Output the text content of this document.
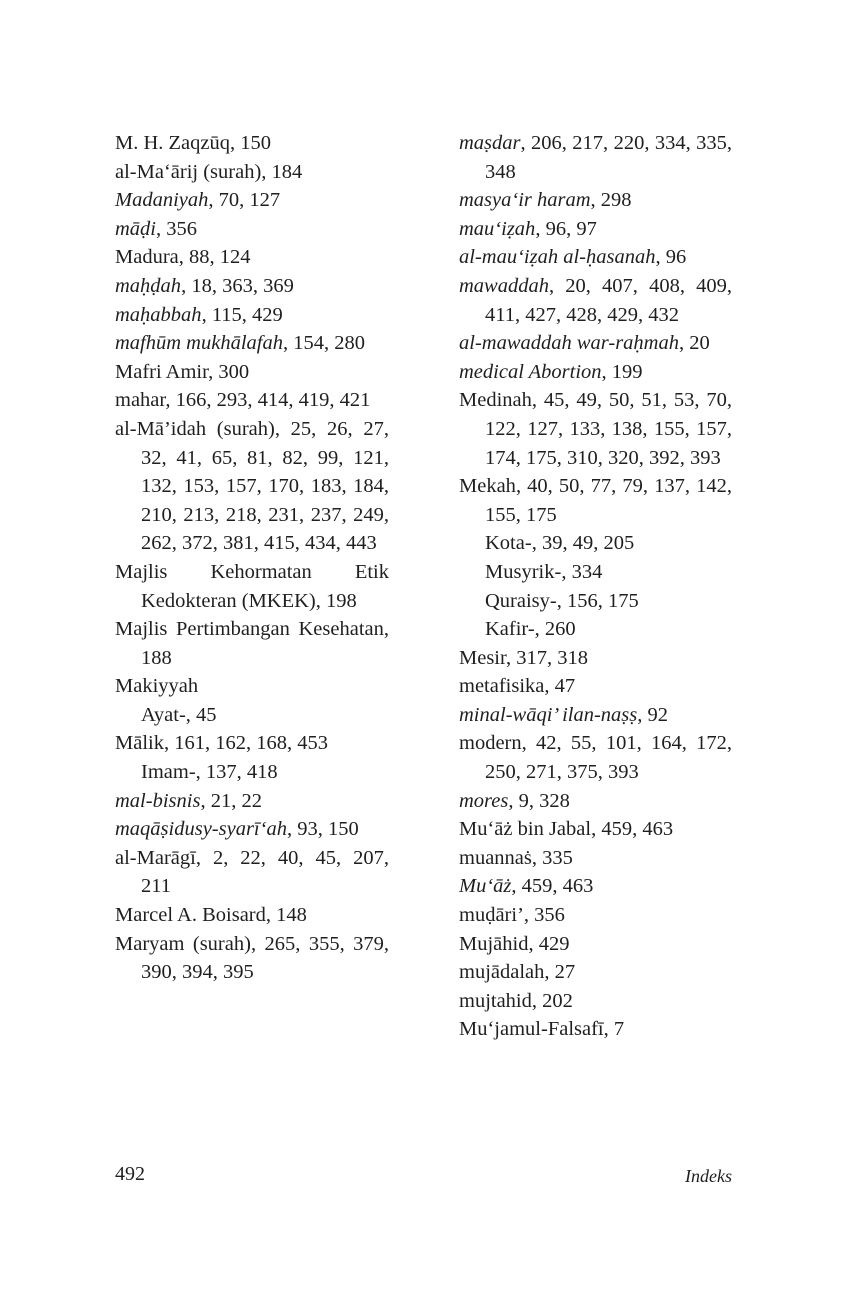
M. H. Zaqzūq, 150

al-Ma‘ārij (surah), 184

Madaniyah, 70, 127

māḍi, 356

Madura, 88, 124

maḥḍah, 18, 363, 369

maḥabbah, 115, 429

mafhūm mukhālafah, 154, 280

Mafri Amir, 300

mahar, 166, 293, 414, 419, 421

al-Mā’idah (surah), 25, 26, 27, 32, 41, 65, 81, 82, 99, 121, 132, 153, 157, 170, 183, 184, 210, 213, 218, 231, 237, 249, 262, 372, 381, 415, 434, 443

Majlis Kehormatan Etik Kedokteran (MKEK), 198

Majlis Pertimbangan Kesehatan, 188

Makiyyah

Ayat-, 45

Mālik, 161, 162, 168, 453

Imam-, 137, 418

mal-bisnis, 21, 22

maqāṣidusy-syarī‘ah, 93, 150

al-Marāgī, 2, 22, 40, 45, 207, 211

Marcel A. Boisard, 148

Maryam (surah), 265, 355, 379, 390, 394, 395

maṣdar, 206, 217, 220, 334, 335, 348

masya‘ir haram, 298

mau‘iẓah, 96, 97

al-mau‘iẓah al-ḥasanah, 96

mawaddah, 20, 407, 408, 409, 411, 427, 428, 429, 432

al-mawaddah war-raḥmah, 20

medical Abortion, 199

Medinah, 45, 49, 50, 51, 53, 70, 122, 127, 133, 138, 155, 157, 174, 175, 310, 320, 392, 393

Mekah, 40, 50, 77, 79, 137, 142, 155, 175

Kota-, 39, 49, 205

Musyrik-, 334

Quraisy-, 156, 175

Kafir-, 260

Mesir, 317, 318

metafisika, 47

minal-wāqi’ ilan-naṣṣ, 92

modern, 42, 55, 101, 164, 172, 250, 271, 375, 393

mores, 9, 328

Mu‘āż bin Jabal, 459, 463

muannaṡ, 335

Mu‘āż, 459, 463

muḍāri’, 356

Mujāhid, 429

mujādalah, 27

mujtahid, 202

Mu‘jamul-Falsafī, 7

492	Indeks
